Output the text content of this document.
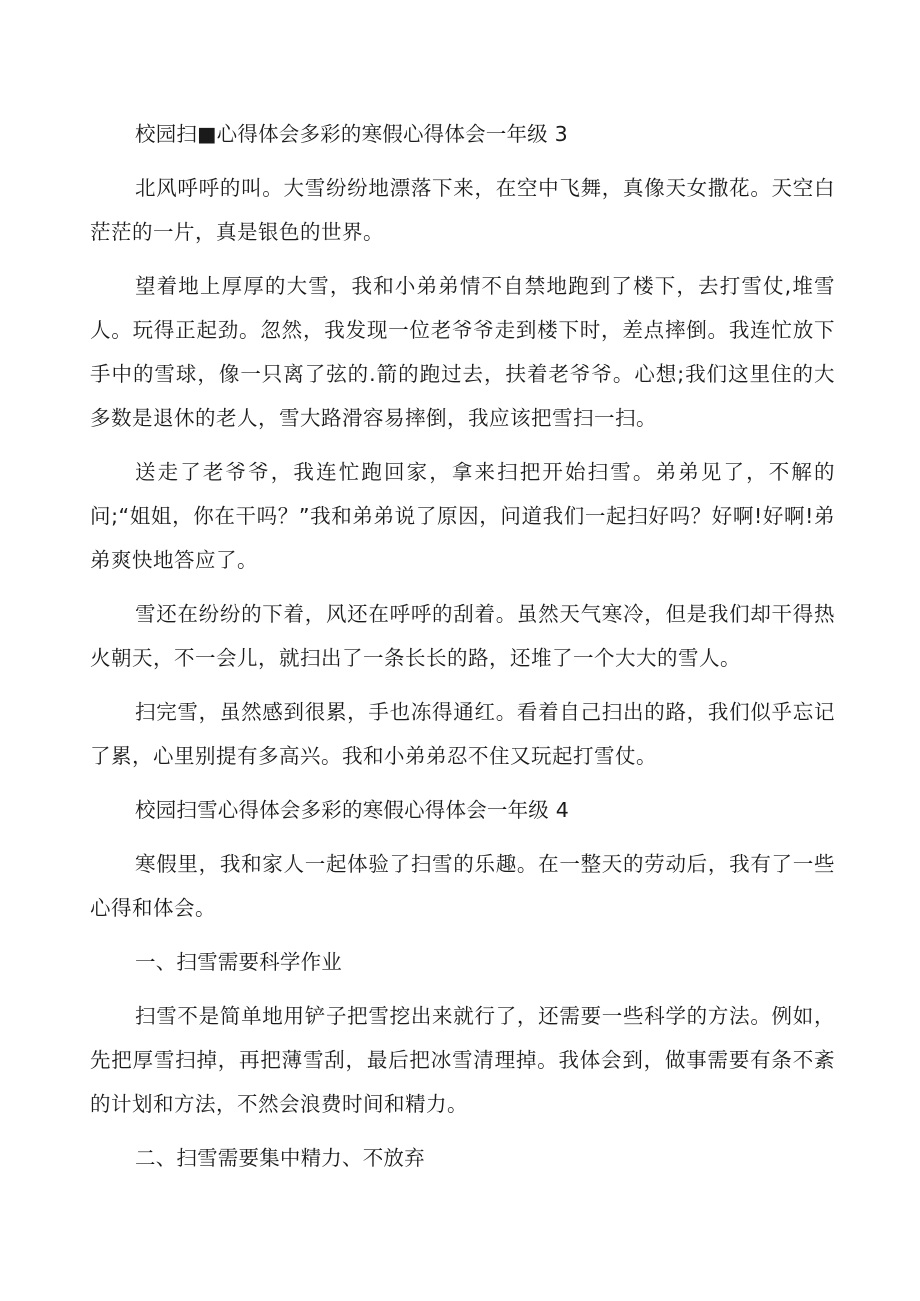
校园扫■心得体会多彩的寒假心得体会一年级 3

北风呼呼的叫。大雪纷纷地漂落下来，在空中飞舞，真像天女撒花。天空白茫茫的一片，真是银色的世界。

望着地上厚厚的大雪，我和小弟弟情不自禁地跑到了楼下，去打雪仗,堆雪人。玩得正起劲。忽然，我发现一位老爷爷走到楼下时，差点摔倒。我连忙放下手中的雪球，像一只离了弦的.箭的跑过去，扶着老爷爷。心想;我们这里住的大多数是退休的老人，雪大路滑容易摔倒，我应该把雪扫一扫。

送走了老爷爷，我连忙跑回家，拿来扫把开始扫雪。弟弟见了，不解的问;“姐姐，你在干吗？”我和弟弟说了原因，问道我们一起扫好吗？好啊!好啊!弟弟爽快地答应了。

雪还在纷纷的下着，风还在呼呼的刮着。虽然天气寒冷，但是我们却干得热火朝天，不一会儿，就扫出了一条长长的路，还堆了一个大大的雪人。

扫完雪，虽然感到很累，手也冻得通红。看着自己扫出的路，我们似乎忘记了累，心里别提有多高兴。我和小弟弟忍不住又玩起打雪仗。

校园扫雪心得体会多彩的寒假心得体会一年级 4

寒假里，我和家人一起体验了扫雪的乐趣。在一整天的劳动后，我有了一些心得和体会。

一、扫雪需要科学作业

扫雪不是简单地用铲子把雪挖出来就行了，还需要一些科学的方法。例如，先把厚雪扫掉，再把薄雪刮，最后把冰雪清理掉。我体会到，做事需要有条不紊的计划和方法，不然会浪费时间和精力。

二、扫雪需要集中精力、不放弃
